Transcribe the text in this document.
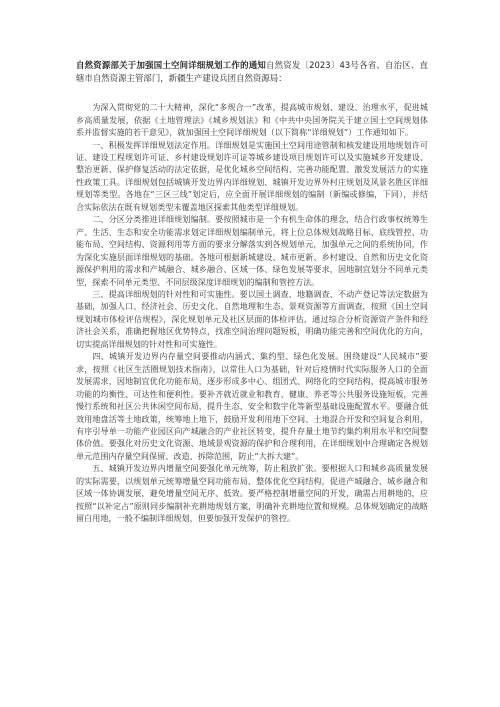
自然资源部关于加强国土空间详细规划工作的通知自然资发〔2023〕43号各省、自治区、直辖市自然资源主管部门，新疆生产建设兵团自然资源局：

为深入贯彻党的二十大精神，深化“多规合一”改革，提高城市规划、建设、治理水平，促进城乡高质量发展，依据《土地管理法》《城乡规划法》和《中共中央国务院关于建立国土空间规划体系并监督实施的若干意见》，就加强国土空间详细规划（以下简称“详细规划”）工作通知如下。

一、积极发挥详细规划法定作用。详细规划是实施国土空间用途管制和核发建设用地规划许可证、建设工程规划许可证、乡村建设规划许可证等城乡建设项目规划许可以及实施城乡开发建设、整治更新、保护修复活动的法定依据，是优化城乡空间结构、完善功能配置、激发发展活力的实施性政策工具。详细规划包括城镇开发边界内详细规划、城镇开发边界外村庄规划及风景名胜区详细规划等类型。各地在“三区三线”划定后，应全面开展详细规划的编制（新编或修编，下同），并结合实际依法在既有规划类型未覆盖地区探索其他类型详细规划。

二、分区分类推进详细规划编制。要按照城市是一个有机生命体的理念，结合行政事权统筹生产、生活、生态和安全功能需求划定详细规划编制单元，将上位总体规划战略目标、底线管控、功能布局、空间结构、资源利用等方面的要求分解落实到各规划单元，加强单元之间的系统协同，作为深化实施层面详细规划的基础。各地可根据新城建设、城市更新、乡村建设、自然和历史文化资源保护利用的需求和产城融合、城乡融合、区域一体、绿色发展等要求，因地制宜划分不同单元类型，探索不同单元类型、不同层级深度详细规划的编制和管控方法。

三、提高详细规划的针对性和可实施性。要以国土调查、地籍调查、不动产登记等法定数据为基础，加强人口、经济社会、历史文化、自然地理和生态、景观资源等方面调查，按照《国土空间规划城市体检评估规程》，深化规划单元及社区层面的体检评估，通过综合分析资源资产条件和经济社会关系，准确把握地区优势特点，找准空间治理问题短板，明确功能完善和空间优化的方向，切实提高详细规划的针对性和可实施性。

四、城镇开发边界内存量空间要推动内涵式、集约型、绿色化发展。围绕建设“人民城市”要求，按照《社区生活圈规划技术指南》，以常住人口为基础，针对后疫情时代实际服务人口的全面发展需求，因地制宜优化功能布局，逐步形成多中心、组团式、网络化的空间结构，提高城市服务功能的均衡性、可达性和便利性。要补齐就近就业和教育、健康、养老等公共服务设施短板，完善慢行系统和社区公共休闲空间布局，提升生态、安全和数字化等新型基础设施配置水平。要融合低效用地盘活等土地政策，统筹地上地下，鼓励开发利用地下空间、土地混合开发和空间复合利用，有序引导单一功能产业园区向产城融合的产业社区转变，提升存量土地节约集约利用水平和空间整体价值。要强化对历史文化资源、地域景观资源的保护和合理利用，在详细规划中合理确定各规划单元范围内存量空间保留、改造、拆除范围，防止“大拆大建”。

五、城镇开发边界内增量空间要强化单元统筹，防止粗放扩张。要根据人口和城乡高质量发展的实际需要，以规划单元统筹增量空间功能布局、整体优化空间结构，促进产城融合、城乡融合和区域一体协调发展，避免增量空间无序、低效。要严格控制增量空间的开发，确需占用耕地的，应按照“以补定占”原则同步编制补充耕地规划方案，明确补充耕地位置和规模。总体规划确定的战略留白用地，一般不编制详细规划，但要加强开发保护的管控。
